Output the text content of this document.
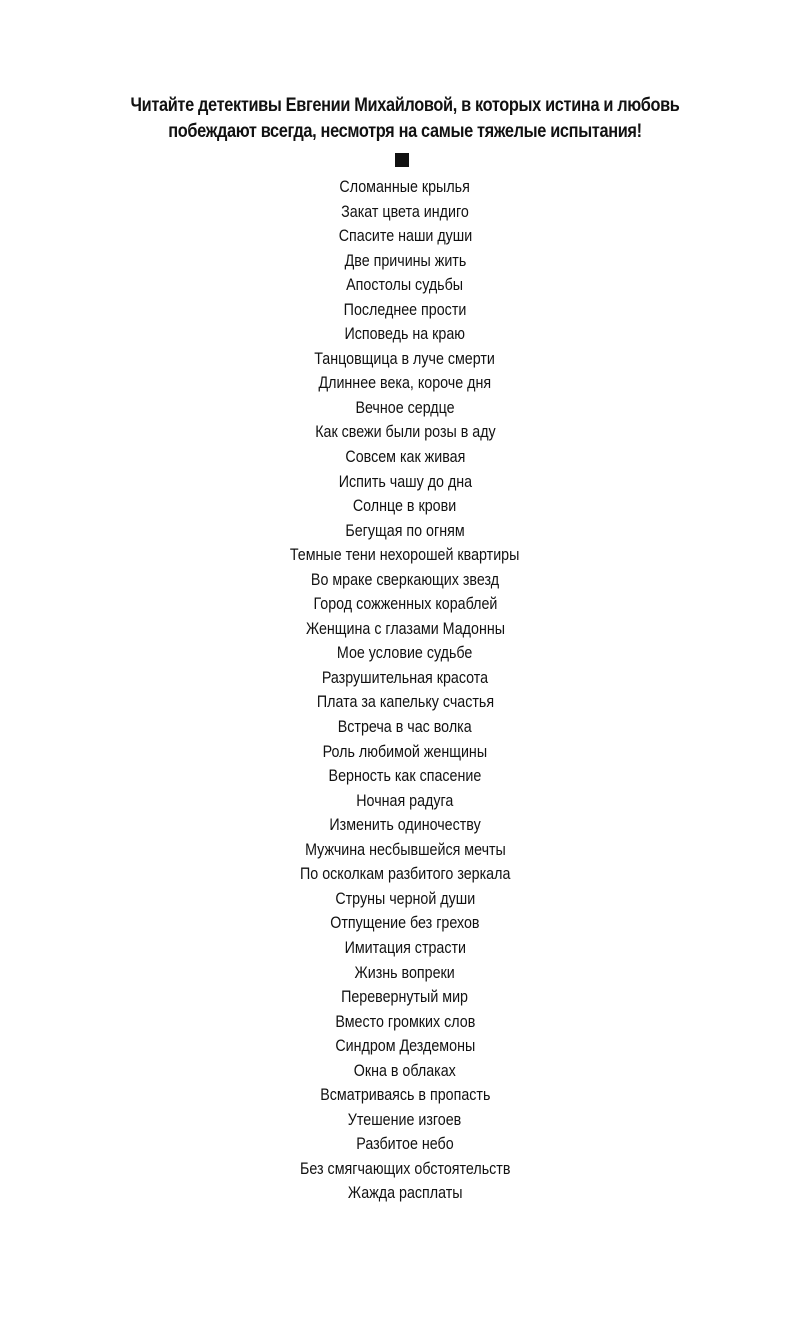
Читайте детективы Евгении Михайловой, в которых истина и любовь
побеждают всегда, несмотря на самые тяжелые испытания!
Сломанные крылья
Закат цвета индиго
Спасите наши души
Две причины жить
Апостолы судьбы
Последнее прости
Исповедь на краю
Танцовщица в луче смерти
Длиннее века, короче дня
Вечное сердце
Как свежи были розы в аду
Совсем как живая
Испить чашу до дна
Солнце в крови
Бегущая по огням
Темные тени нехорошей квартиры
Во мраке сверкающих звезд
Город сожженных кораблей
Женщина с глазами Мадонны
Мое условие судьбе
Разрушительная красота
Плата за капельку счастья
Встреча в час волка
Роль любимой женщины
Верность как спасение
Ночная радуга
Изменить одиночеству
Мужчина несбывшейся мечты
По осколкам разбитого зеркала
Струны черной души
Отпущение без грехов
Имитация страсти
Жизнь вопреки
Перевернутый мир
Вместо громких слов
Синдром Дездемоны
Окна в облаках
Всматриваясь в пропасть
Утешение изгоев
Разбитое небо
Без смягчающих обстоятельств
Жажда расплаты
